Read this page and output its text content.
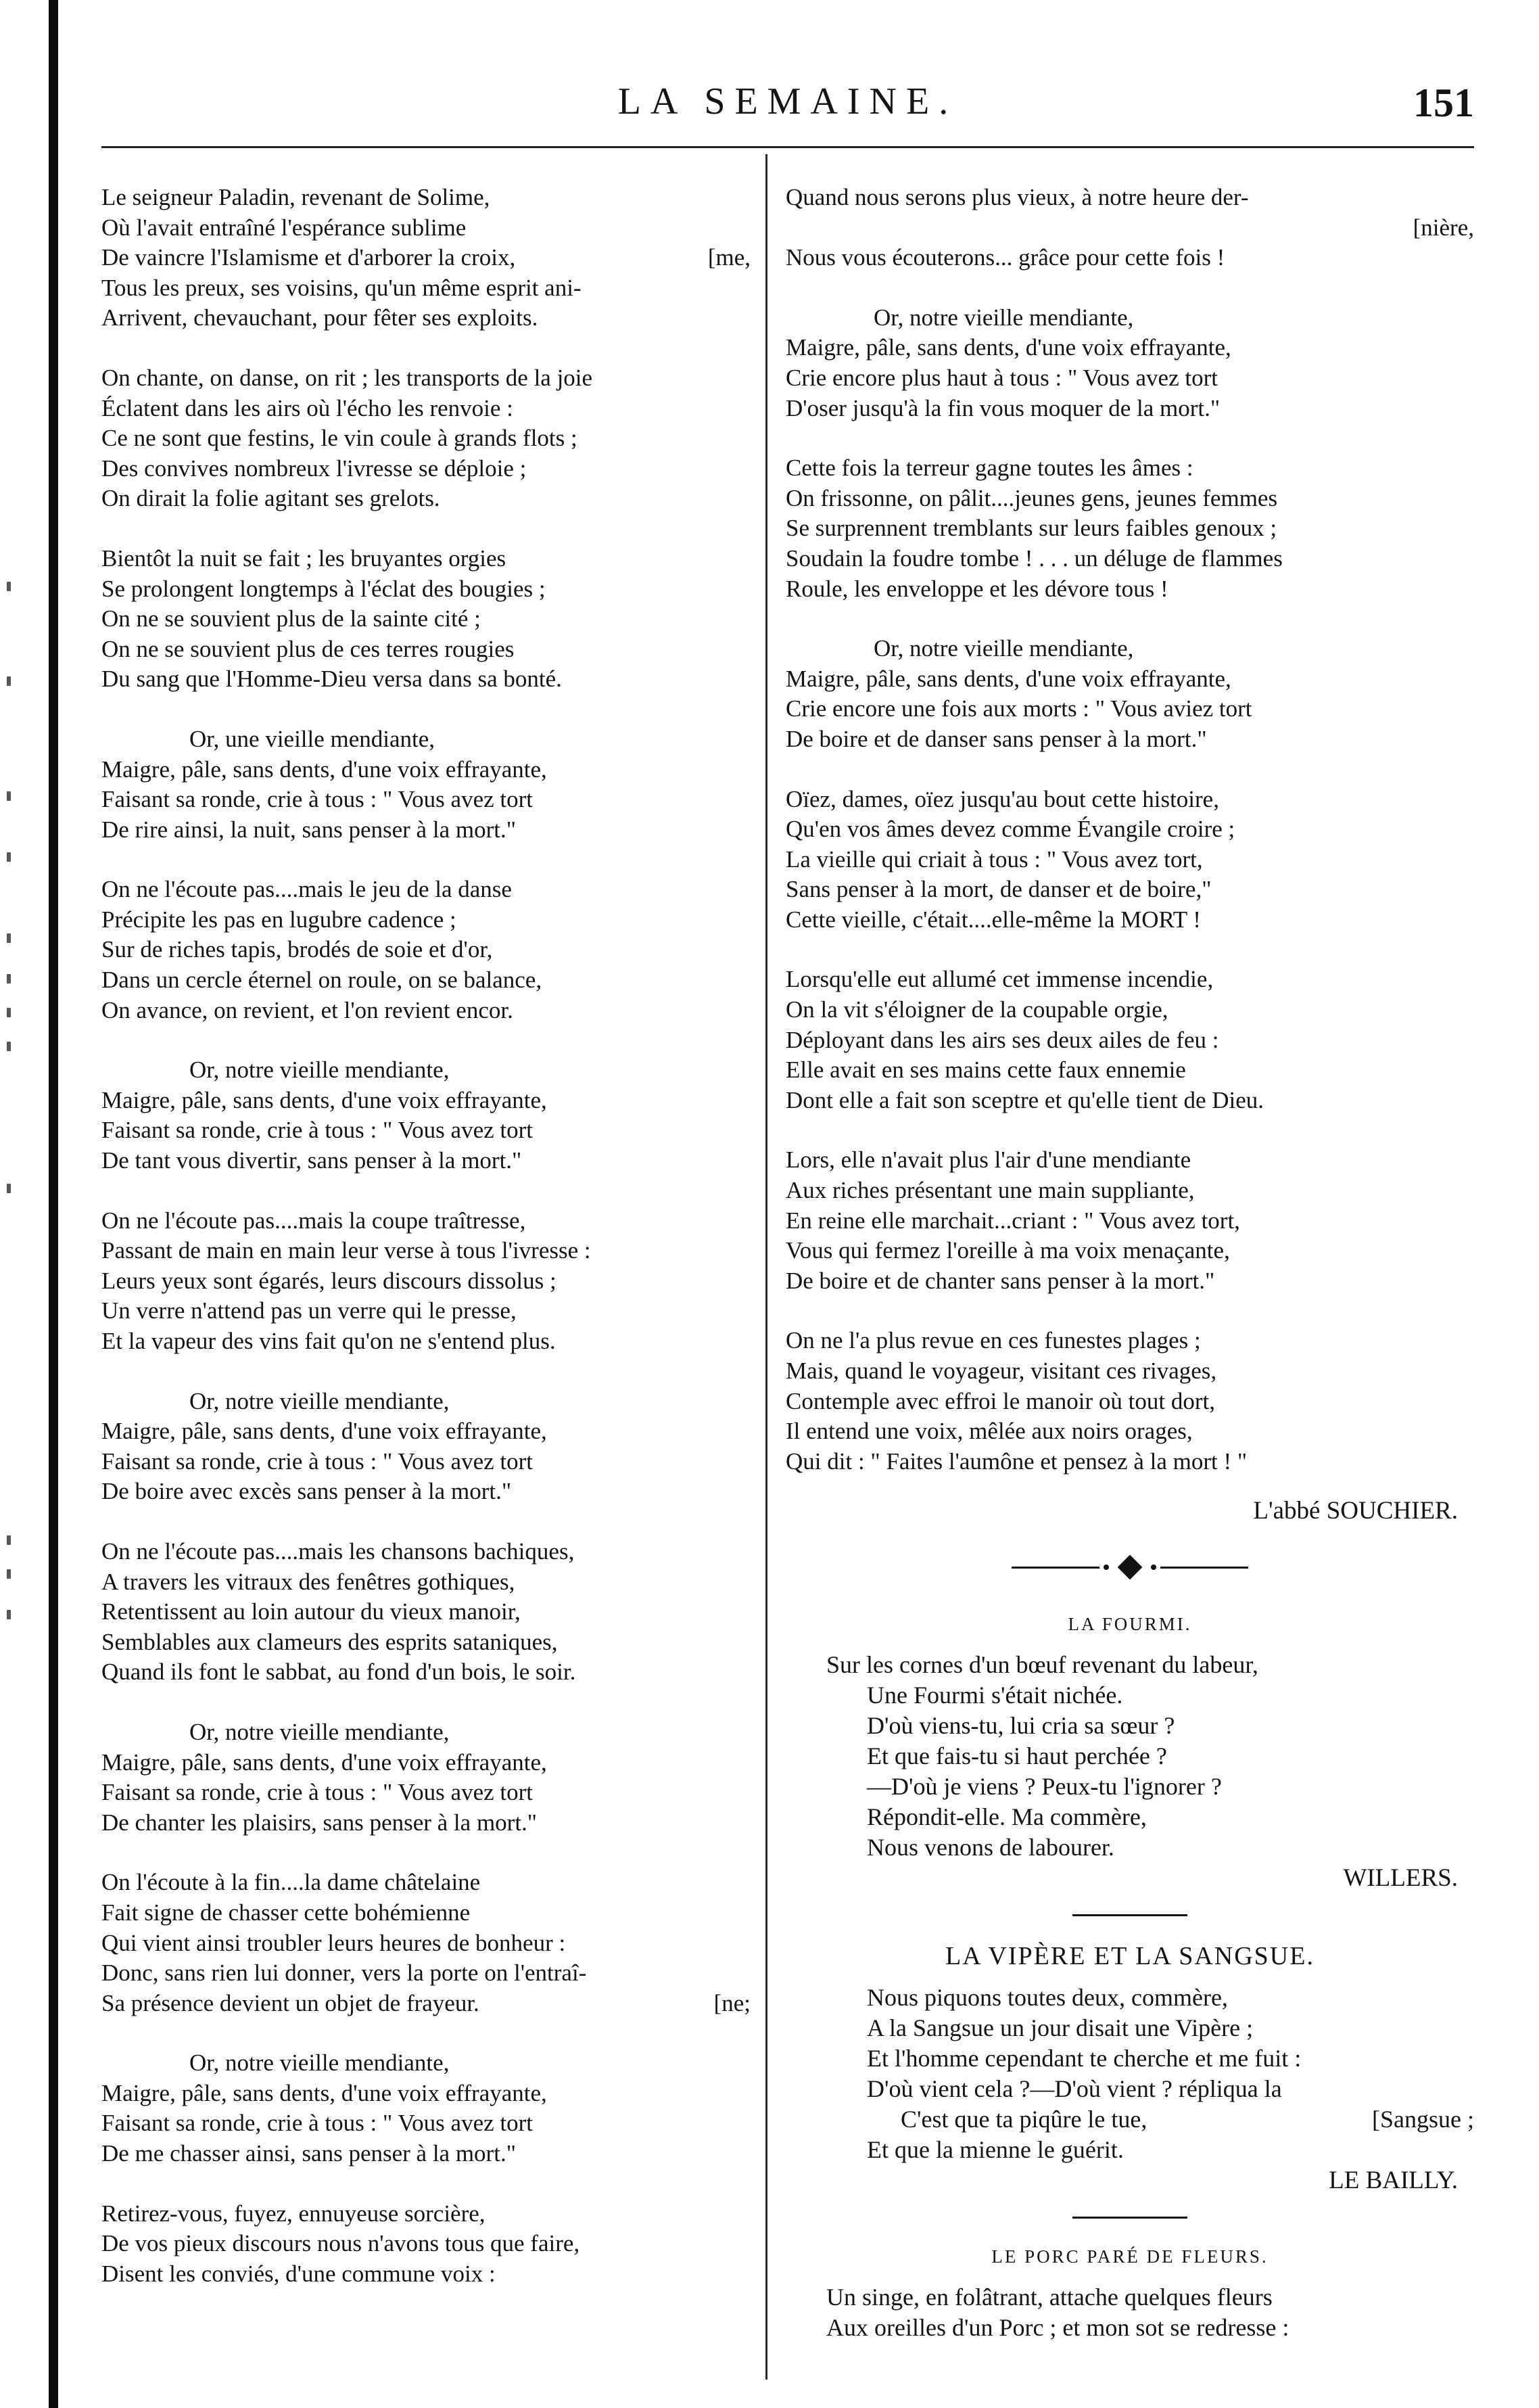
LA SEMAINE.	151
Le seigneur Paladin, revenant de Solime,
Où l'avait entraîné l'espérance sublime
De vaincre l'Islamisme et d'arborer la croix,	[me,
Tous les preux, ses voisins, qu'un même esprit ani-
Arrivent, chevauchant, pour fêter ses exploits.
On chante, on danse, on rit ; les transports de la joie
Éclatent dans les airs où l'écho les renvoie :
Ce ne sont que festins, le vin coule à grands flots ;
Des convives nombreux l'ivresse se déploie ;
On dirait la folie agitant ses grelots.
Bientôt la nuit se fait ; les bruyantes orgies
Se prolongent longtemps à l'éclat des bougies ;
On ne se souvient plus de la sainte cité ;
On ne se souvient plus de ces terres rougies
Du sang que l'Homme-Dieu versa dans sa bonté.
Or, une vieille mendiante,
Maigre, pâle, sans dents, d'une voix effrayante,
Faisant sa ronde, crie à tous : " Vous avez tort
De rire ainsi, la nuit, sans penser à la mort."
On ne l'écoute pas....mais le jeu de la danse
Précipite les pas en lugubre cadence ;
Sur de riches tapis, brodés de soie et d'or,
Dans un cercle éternel on roule, on se balance,
On avance, on revient, et l'on revient encor.
Or, notre vieille mendiante,
Maigre, pâle, sans dents, d'une voix effrayante,
Faisant sa ronde, crie à tous : " Vous avez tort
De tant vous divertir, sans penser à la mort."
On ne l'écoute pas....mais la coupe traîtresse,
Passant de main en main leur verse à tous l'ivresse :
Leurs yeux sont égarés, leurs discours dissolus ;
Un verre n'attend pas un verre qui le presse,
Et la vapeur des vins fait qu'on ne s'entend plus.
Or, notre vieille mendiante,
Maigre, pâle, sans dents, d'une voix effrayante,
Faisant sa ronde, crie à tous : " Vous avez tort
De boire avec excès sans penser à la mort."
On ne l'écoute pas....mais les chansons bachiques,
A travers les vitraux des fenêtres gothiques,
Retentissent au loin autour du vieux manoir,
Semblables aux clameurs des esprits sataniques,
Quand ils font le sabbat, au fond d'un bois, le soir.
Or, notre vieille mendiante,
Maigre, pâle, sans dents, d'une voix effrayante,
Faisant sa ronde, crie à tous : " Vous avez tort
De chanter les plaisirs, sans penser à la mort."
On l'écoute à la fin....la dame châtelaine
Fait signe de chasser cette bohémienne
Qui vient ainsi troubler leurs heures de bonheur :
Donc, sans rien lui donner, vers la porte on l'entraî-
Sa présence devient un objet de frayeur.	[ne;
Or, notre vieille mendiante,
Maigre, pâle, sans dents, d'une voix effrayante,
Faisant sa ronde, crie à tous : " Vous avez tort
De me chasser ainsi, sans penser à la mort."
Retirez-vous, fuyez, ennuyeuse sorcière,
De vos pieux discours nous n'avons tous que faire,
Disent les conviés, d'une commune voix :
Quand nous serons plus vieux, à notre heure der-
[nière,
Nous vous écouterons... grâce pour cette fois !
Or, notre vieille mendiante,
Maigre, pâle, sans dents, d'une voix effrayante,
Crie encore plus haut à tous : " Vous avez tort
D'oser jusqu'à la fin vous moquer de la mort."
Cette fois la terreur gagne toutes les âmes :
On frissonne, on pâlit....jeunes gens, jeunes femmes
Se surprennent tremblants sur leurs faibles genoux ;
Soudain la foudre tombe ! . . . un déluge de flammes
Roule, les enveloppe et les dévore tous !
Or, notre vieille mendiante,
Maigre, pâle, sans dents, d'une voix effrayante,
Crie encore une fois aux morts : " Vous aviez tort
De boire et de danser sans penser à la mort."
Oïez, dames, oïez jusqu'au bout cette histoire,
Qu'en vos âmes devez comme Évangile croire ;
La vieille qui criait à tous : " Vous avez tort,
Sans penser à la mort, de danser et de boire,"
Cette vieille, c'était....elle-même la MORT !
Lorsqu'elle eut allumé cet immense incendie,
On la vit s'éloigner de la coupable orgie,
Déployant dans les airs ses deux ailes de feu :
Elle avait en ses mains cette faux ennemie
Dont elle a fait son sceptre et qu'elle tient de Dieu.
Lors, elle n'avait plus l'air d'une mendiante
Aux riches présentant une main suppliante,
En reine elle marchait...criant : " Vous avez tort,
Vous qui fermez l'oreille à ma voix menaçante,
De boire et de chanter sans penser à la mort."
On ne l'a plus revue en ces funestes plages ;
Mais, quand le voyageur, visitant ces rivages,
Contemple avec effroi le manoir où tout dort,
Il entend une voix, mêlée aux noirs orages,
Qui dit : " Faites l'aumône et pensez à la mort ! "
L'abbé SOUCHIER.
LA FOURMI.
Sur les cornes d'un bœuf revenant du labeur,
Une Fourmi s'était nichée.
D'où viens-tu, lui cria sa sœur ?
Et que fais-tu si haut perchée ?
—D'où je viens ? Peux-tu l'ignorer ?
Répondit-elle. Ma commère,
Nous venons de labourer.
WILLERS.
LA VIPÈRE ET LA SANGSUE.
Nous piquons toutes deux, commère,
A la Sangsue un jour disait une Vipère ;
Et l'homme cependant te cherche et me fuit :
D'où vient cela ?—D'où vient ? répliqua la
C'est que ta piqûre le tue,	[Sangsue ;
Et que la mienne le guérit.
LE BAILLY.
LE PORC PARÉ DE FLEURS.
Un singe, en folâtrant, attache quelques fleurs
Aux oreilles d'un Porc ; et mon sot se redresse :
